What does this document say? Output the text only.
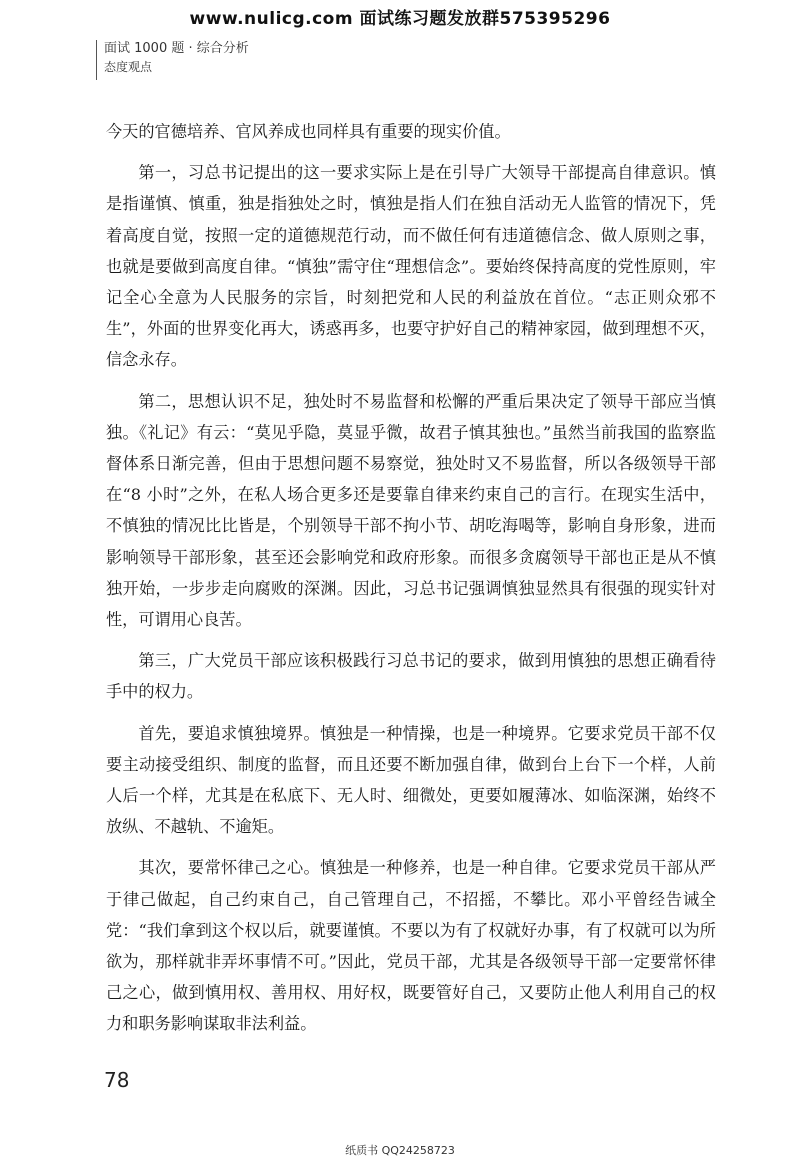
www.nulicg.com 面试练习题发放群575395296
面试 1000 题 · 综合分析
态度观点

今天的官德培养、官风养成也同样具有重要的现实价值。

第一，习总书记提出的这一要求实际上是在引导广大领导干部提高自律意识。慎是指谨慎、慎重，独是指独处之时，慎独是指人们在独自活动无人监管的情况下，凭着高度自觉，按照一定的道德规范行动，而不做任何有违道德信念、做人原则之事，也就是要做到高度自律。“慎独”需守住“理想信念”。要始终保持高度的党性原则，牢记全心全意为人民服务的宗旨，时刻把党和人民的利益放在首位。“志正则众邪不生”，外面的世界变化再大，诱惑再多，也要守护好自己的精神家园，做到理想不灭，信念永存。

第二，思想认识不足，独处时不易监督和松懈的严重后果决定了领导干部应当慎独。《礼记》有云：“莫见乎隐，莫显乎微，故君子慎其独也。”虽然当前我国的监察监督体系日渐完善，但由于思想问题不易察觉，独处时又不易监督，所以各级领导干部在“8 小时”之外，在私人场合更多还是要靠自律来约束自己的言行。在现实生活中，不慎独的情况比比皆是，个别领导干部不拘小节、胡吃海喝等，影响自身形象，进而影响领导干部形象，甚至还会影响党和政府形象。而很多贪腐领导干部也正是从不慎独开始，一步步走向腐败的深渊。因此，习总书记强调慎独显然具有很强的现实针对性，可谓用心良苦。

第三，广大党员干部应该积极践行习总书记的要求，做到用慎独的思想正确看待手中的权力。

首先，要追求慎独境界。慎独是一种情操，也是一种境界。它要求党员干部不仅要主动接受组织、制度的监督，而且还要不断加强自律，做到台上台下一个样，人前人后一个样，尤其是在私底下、无人时、细微处，更要如履薄冰、如临深渊，始终不放纵、不越轨、不逾矩。

其次，要常怀律己之心。慎独是一种修养，也是一种自律。它要求党员干部从严于律己做起，自己约束自己，自己管理自己，不招摇，不攀比。邓小平曾经告诫全党：“我们拿到这个权以后，就要谨慎。不要以为有了权就好办事，有了权就可以为所欲为，那样就非弄坏事情不可。”因此，党员干部，尤其是各级领导干部一定要常怀律己之心，做到慎用权、善用权、用好权，既要管好自己，又要防止他人利用自己的权力和职务影响谋取非法利益。

78
纸质书 QQ24258723
